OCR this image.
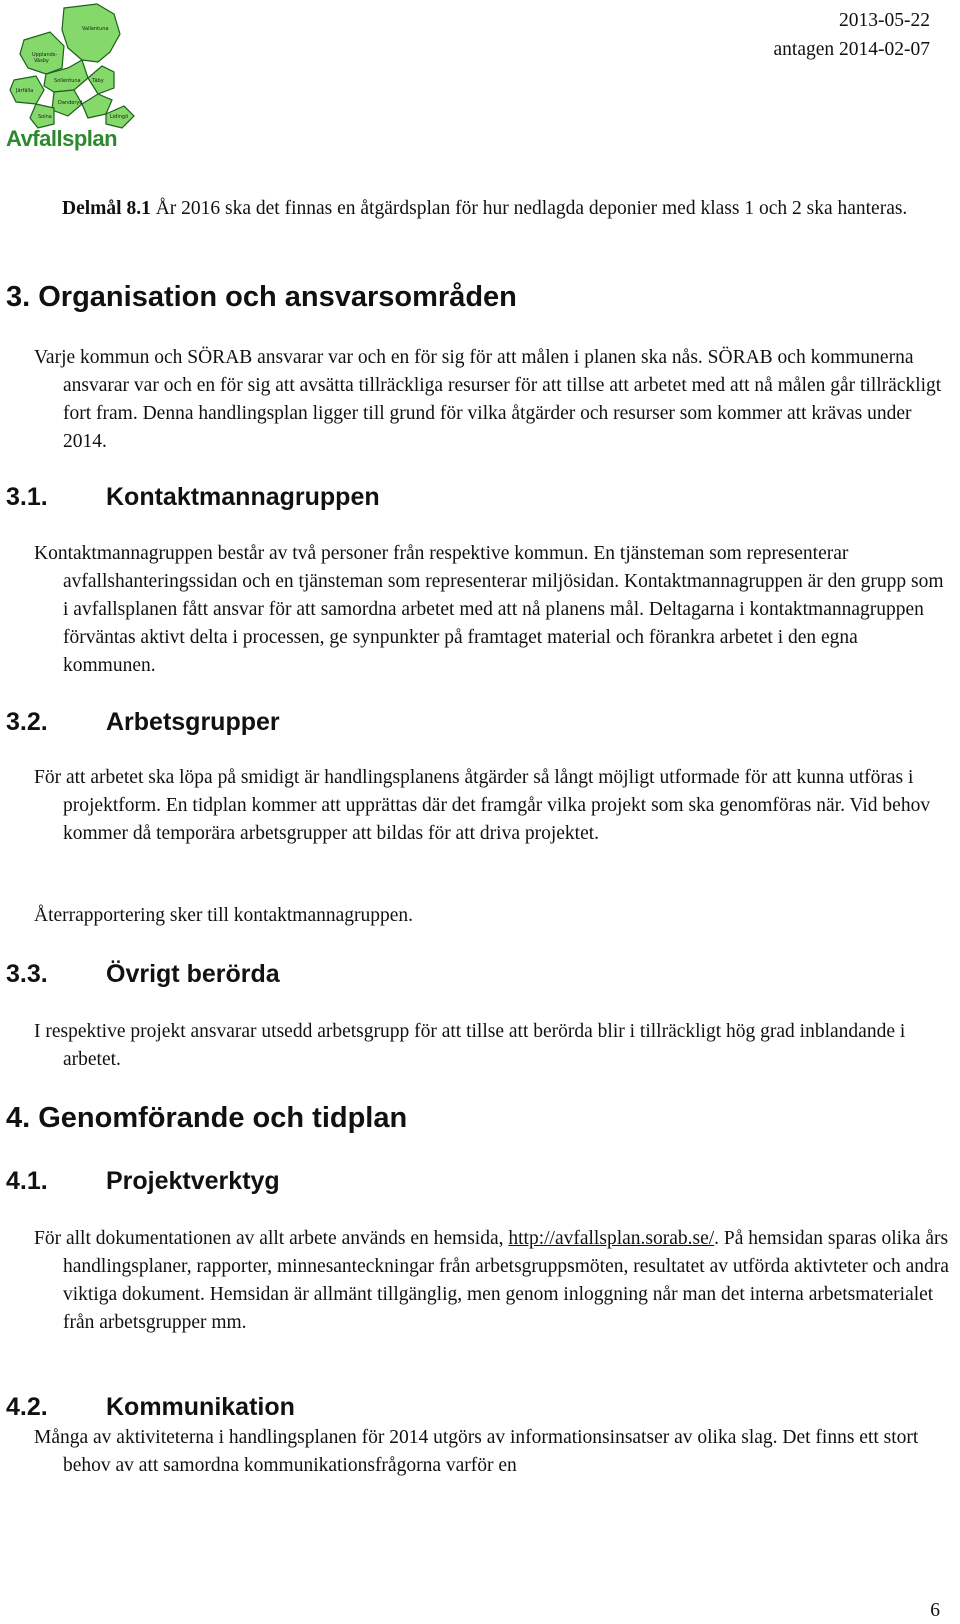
Vallentuna
Upplands-
Väsby
Järfälla
Sollentuna Täby
Danderyd
Solna	Lidingö
Avfallsplan
2013-05-22
antagen 2014-02-07
Delmål 8.1 År 2016 ska det finnas en åtgärdsplan för hur nedlagda deponier med klass 1 och 2 ska hanteras.
3. Organisation och ansvarsområden

Varje kommun och SÖRAB ansvarar var och en för sig för att målen i planen ska nås. SÖRAB och kommunerna ansvarar var och en för sig att avsätta tillräckliga resurser för att tillse att arbetet med att nå målen går tillräckligt fort fram. Denna handlingsplan ligger till grund för vilka åtgärder och resurser som kommer att krävas under 2014.

3.1. Kontaktmannagruppen

Kontaktmannagruppen består av två personer från respektive kommun. En tjänsteman som representerar avfallshanteringssidan och en tjänsteman som representerar miljösidan. Kontaktmannagruppen är den grupp som i avfallsplanen fått ansvar för att samordna arbetet med att nå planens mål. Deltagarna i kontaktmannagruppen förväntas aktivt delta i processen, ge synpunkter på framtaget material och förankra arbetet i den egna kommunen.

3.2. Arbetsgrupper

För att arbetet ska löpa på smidigt är handlingsplanens åtgärder så långt möjligt utformade för att kunna utföras i projektform. En tidplan kommer att upprättas där det framgår vilka projekt som ska genomföras när. Vid behov kommer då temporära arbetsgrupper att bildas för att driva projektet.

Återrapportering sker till kontaktmannagruppen.

3.3. Övrigt berörda

I respektive projekt ansvarar utsedd arbetsgrupp för att tillse att berörda blir i tillräckligt hög grad inblandande i arbetet.

4. Genomförande och tidplan
4.1. Projektverktyg

För allt dokumentationen av allt arbete används en hemsida, http://avfallsplan.sorab.se/. På hemsidan sparas olika års handlingsplaner, rapporter, minnesanteckningar från arbetsgruppsmöten, resultatet av utförda aktivteter och andra viktiga dokument. Hemsidan är allmänt tillgänglig, men genom inloggning når man det interna arbetsmaterialet från arbetsgrupper mm.

4.2. Kommunikation

Många av aktiviteterna i handlingsplanen för 2014 utgörs av informationsinsatser av olika slag. Det finns ett stort behov av att samordna kommunikationsfrågorna varför en

6
